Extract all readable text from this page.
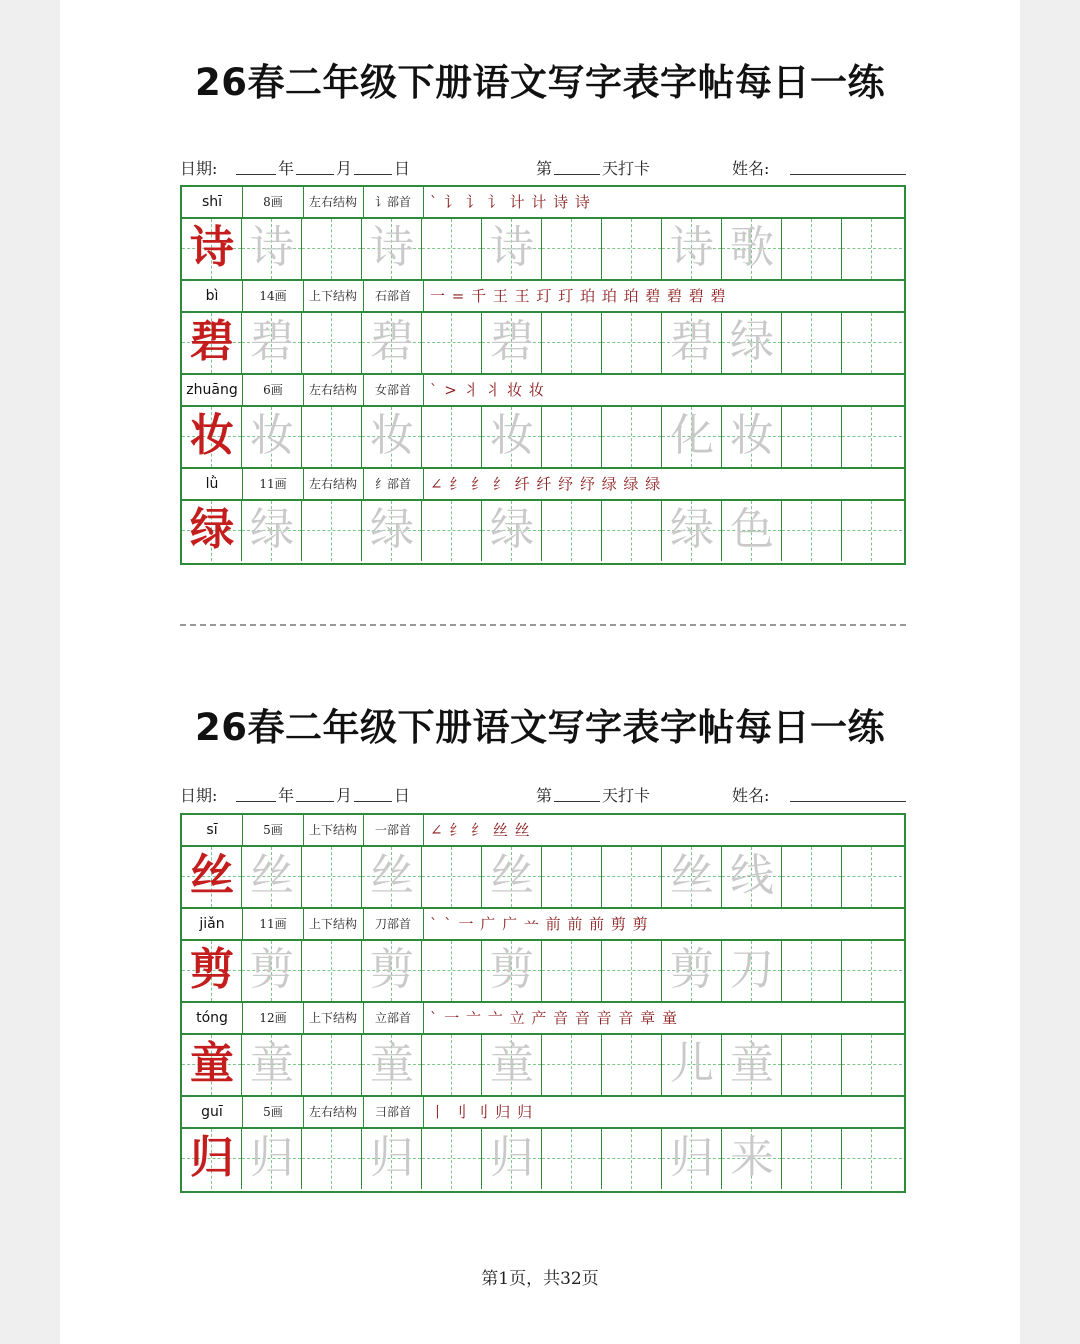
26春二年级下册语文写字表字帖每日一练
日期:	年	月	日	第	天打卡	姓名:
shī	8画	左右结构	讠部首	` 讠 讠 讠 计 计 诗 诗
诗 诗 诗 诗	诗 歌
bì	14画	上下结构	石部首	一 = 千 王 王 玎 玎 珀 珀 珀 碧 碧 碧 碧
碧 碧 碧 碧	碧 绿
zhuāng	6画	左右结构	女部首	` > 丬 丬 妆 妆
妆 妆 妆 妆	化 妆
lǜ	11画	左右结构	纟部首	∠ 纟 纟 纟 纤 纤 纾 纾 绿 绿 绿
绿 绿 绿 绿	绿 色
26春二年级下册语文写字表字帖每日一练
日期:	年	月	日	第	天打卡	姓名:
sī	5画	上下结构	一部首	∠ 纟 纟 丝 丝
丝 丝 丝 丝	丝 线
jiǎn	11画	上下结构	刀部首	` ` 一 广 广 䒑 前 前 前 剪 剪
剪 剪 剪 剪	剪 刀
tóng	12画	上下结构	立部首	` 一 亠 亠 立 产 音 音 音 音 章 童
童 童 童 童	儿 童
guī	5画	左右结构	彐部首	丨 刂 刂 归 归
归 归 归 归	归 来
第1页，共32页
